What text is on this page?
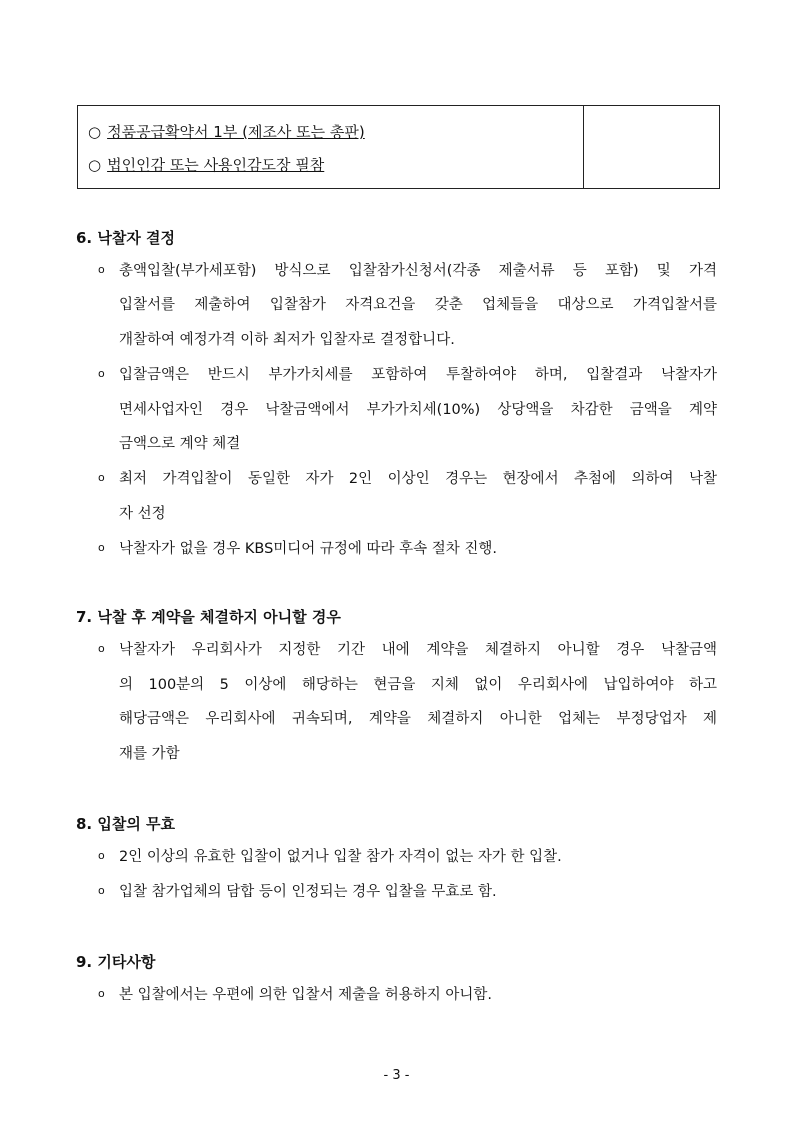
○ 정품공급확약서 1부 (제조사 또는 총판)
○ 법인인감 또는 사용인감도장 필참
6. 낙찰자 결정
o 총액입찰(부가세포함) 방식으로 입찰참가신청서(각종 제출서류 등 포함) 및 가격
입찰서를 제출하여 입찰참가 자격요건을 갖춘 업체들을 대상으로 가격입찰서를
개찰하여 예정가격 이하 최저가 입찰자로 결정합니다.
o 입찰금액은 반드시 부가가치세를 포함하여 투찰하여야 하며, 입찰결과 낙찰자가
면세사업자인 경우 낙찰금액에서 부가가치세(10%) 상당액을 차감한 금액을 계약
금액으로 계약 체결
o 최저 가격입찰이 동일한 자가 2인 이상인 경우는 현장에서 추첨에 의하여 낙찰
자 선정
o 낙찰자가 없을 경우 KBS미디어 규정에 따라 후속 절차 진행.
7. 낙찰 후 계약을 체결하지 아니할 경우
o 낙찰자가 우리회사가 지정한 기간 내에 계약을 체결하지 아니할 경우 낙찰금액
의 100분의 5 이상에 해당하는 현금을 지체 없이 우리회사에 납입하여야 하고
해당금액은 우리회사에 귀속되며, 계약을 체결하지 아니한 업체는 부정당업자 제
재를 가함
8. 입찰의 무효
o 2인 이상의 유효한 입찰이 없거나 입찰 참가 자격이 없는 자가 한 입찰.
o 입찰 참가업체의 담합 등이 인정되는 경우 입찰을 무효로 함.
9. 기타사항
o 본 입찰에서는 우편에 의한 입찰서 제출을 허용하지 아니함.
- 3 -
